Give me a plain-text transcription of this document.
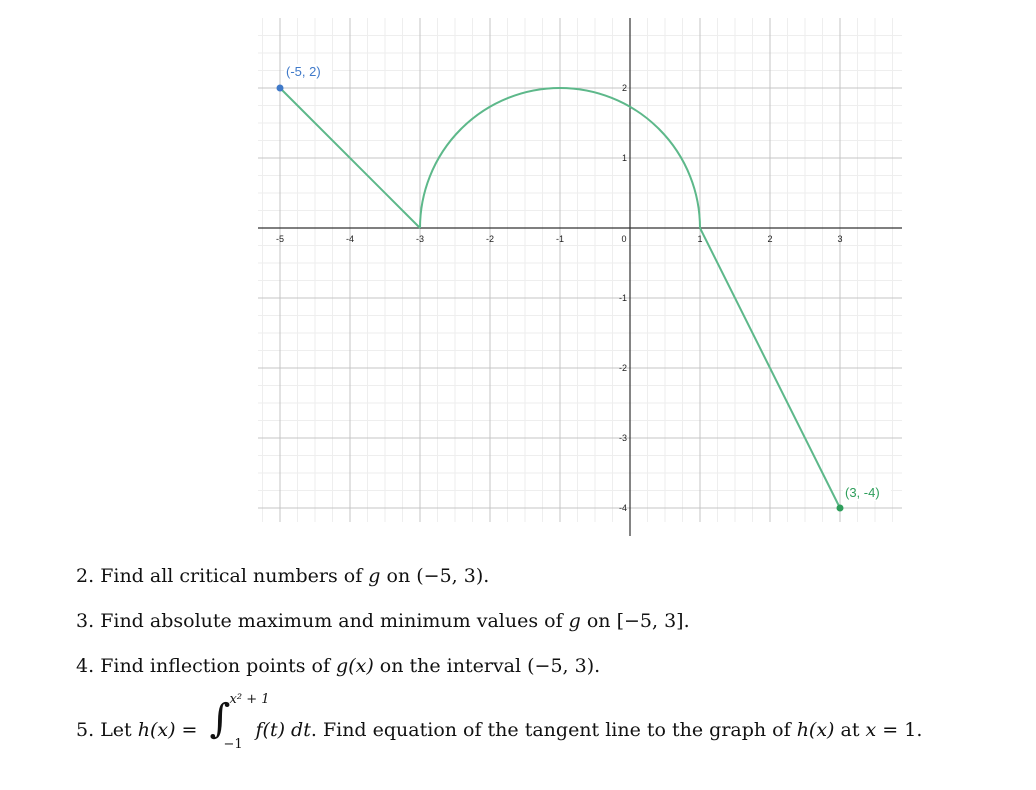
-5	-4	-3	-2	-1	0	1	2	3
2
1
-1
-2
-3
-4
(-5, 2)
(3, -4)
2. Find all critical numbers of g on (−5, 3).
3. Find absolute maximum and minimum values of g on [−5, 3].
4. Find inflection points of g(x) on the interval (−5, 3).
5. Let h(x) = ∫ x² + 1
−1
f(t) dt. Find equation of the tangent line to the graph of h(x) at x = 1.
